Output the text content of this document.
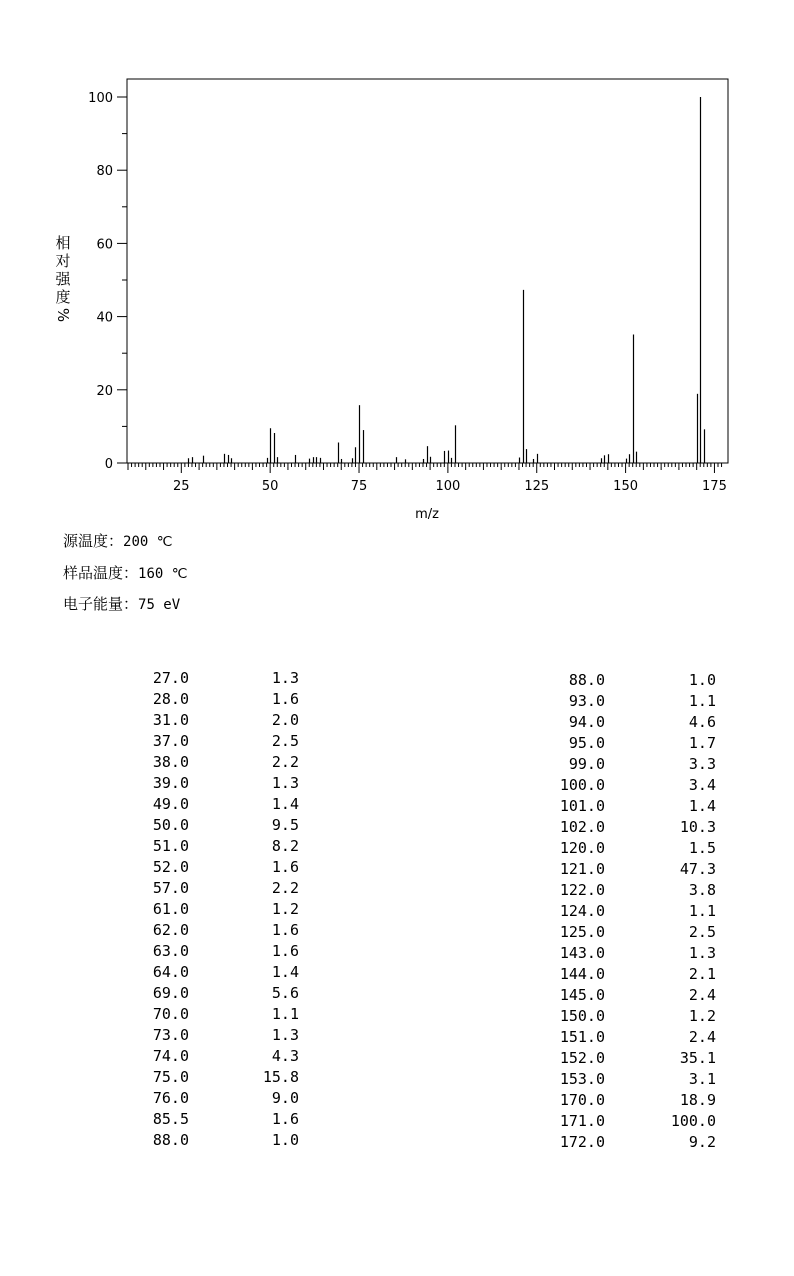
0
20
40
60
80
100
25	50	75	100	125	150	175
m/z
相
对
强
度
%
源温度：200 ℃
样品温度：160 ℃
电子能量：75 eV
27.0	1.3
28.0	1.6
31.0	2.0
37.0	2.5
38.0	2.2
39.0	1.3
49.0	1.4
50.0	9.5
51.0	8.2
52.0	1.6
57.0	2.2
61.0	1.2
62.0	1.6
63.0	1.6
64.0	1.4
69.0	5.6
70.0	1.1
73.0	1.3
74.0	4.3
75.0	15.8
76.0	9.0
85.5	1.6
88.0	1.0
88.0	1.0
93.0	1.1
94.0	4.6
95.0	1.7
99.0	3.3
100.0	3.4
101.0	1.4
102.0	10.3
120.0	1.5
121.0	47.3
122.0	3.8
124.0	1.1
125.0	2.5
143.0	1.3
144.0	2.1
145.0	2.4
150.0	1.2
151.0	2.4
152.0	35.1
153.0	3.1
170.0	18.9
171.0	100.0
172.0	9.2
